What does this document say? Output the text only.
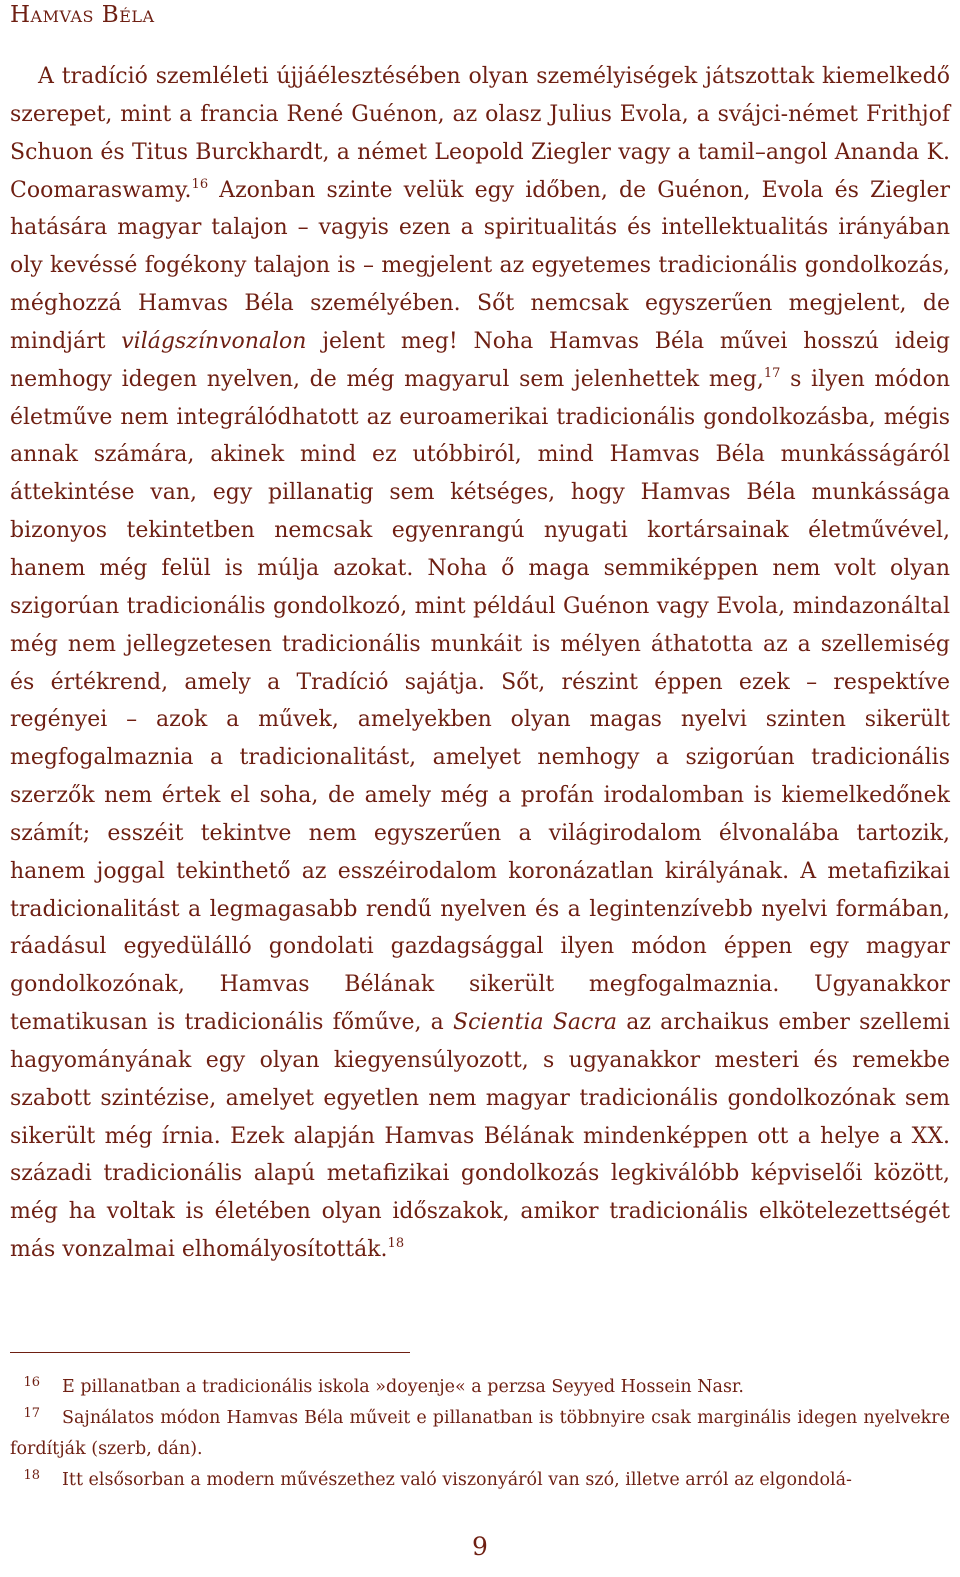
Hamvas Béla
A tradíció szemléleti újjáélesztésében olyan személyiségek játszottak kiemelkedő szerepet, mint a francia René Guénon, az olasz Julius Evola, a svájci-német Frithjof Schuon és Titus Burckhardt, a német Leopold Ziegler vagy a tamil–angol Ananda K. Coomaraswamy.$^{16}$ Azonban szinte velük egy időben, de Guénon, Evola és Ziegler hatására magyar talajon – vagyis ezen a spiritualitás és intellektualitás irányában oly kevéssé fogékony talajon is – megjelent az egyetemes tradicionális gondolkozás, méghozzá Hamvas Béla személyében. Sőt nemcsak egyszerűen megjelent, de mindjárt világszínvonalon jelent meg! Noha Hamvas Béla művei hosszú ideig nemhogy idegen nyelven, de még magyarul sem jelenhettek meg,$^{17}$ s ilyen módon életműve nem integrálódhatott az euroamerikai tradicionális gondolkozásba, mégis annak számára, akinek mind ez utóbbiról, mind Hamvas Béla munkásságáról áttekintése van, egy pillanatig sem kétséges, hogy Hamvas Béla munkássága bizonyos tekintetben nemcsak egyenrangú nyugati kortársainak életművével, hanem még felül is múlja azokat. Noha ő maga semmiképpen nem volt olyan szigorúan tradicionális gondolkozó, mint például Guénon vagy Evola, mindazonáltal még nem jellegzetesen tradicionális munkáit is mélyen áthatotta az a szellemiség és értékrend, amely a Tradíció sajátja. Sőt, részint éppen ezek – respektíve regényei – azok a művek, amelyekben olyan magas nyelvi szinten sikerült megfogalmaznia a tradicionalitást, amelyet nemhogy a szigorúan tradicionális szerzők nem értek el soha, de amely még a profán irodalomban is kiemelkedőnek számít; esszéit tekintve nem egyszerűen a világirodalom élvonalába tartozik, hanem joggal tekinthető az esszéirodalom koronázatlan királyának. A metafizikai tradicionalitást a legmagasabb rendű nyelven és a legintenzívebb nyelvi formában, ráadásul egyedülálló gondolati gazdagsággal ilyen módon éppen egy magyar gondolkozónak, Hamvas Bélának sikerült megfogalmaznia. Ugyanakkor tematikusan is tradicionális főműve, a Scientia Sacra az archaikus ember szellemi hagyományának egy olyan kiegyensúlyozott, s ugyanakkor mesteri és remekbe szabott szintézise, amelyet egyetlen nem magyar tradicionális gondolkozónak sem sikerült még írnia. Ezek alapján Hamvas Bélának mindenképpen ott a helye a XX. századi tradicionális alapú metafizikai gondolkozás legkiválóbb képviselői között, még ha voltak is életében olyan időszakok, amikor tradicionális elkötelezettségét más vonzalmai elhomályosították.$^{18}$

16 E pillanatban a tradicionális iskola »doyenje« a perzsa Seyyed Hossein Nasr.

17 Sajnálatos módon Hamvas Béla műveit e pillanatban is többnyire csak marginális idegen nyelvekre fordítják (szerb, dán).

18 Itt elsősorban a modern művészethez való viszonyáról van szó, illetve arról az elgondolá-

9
